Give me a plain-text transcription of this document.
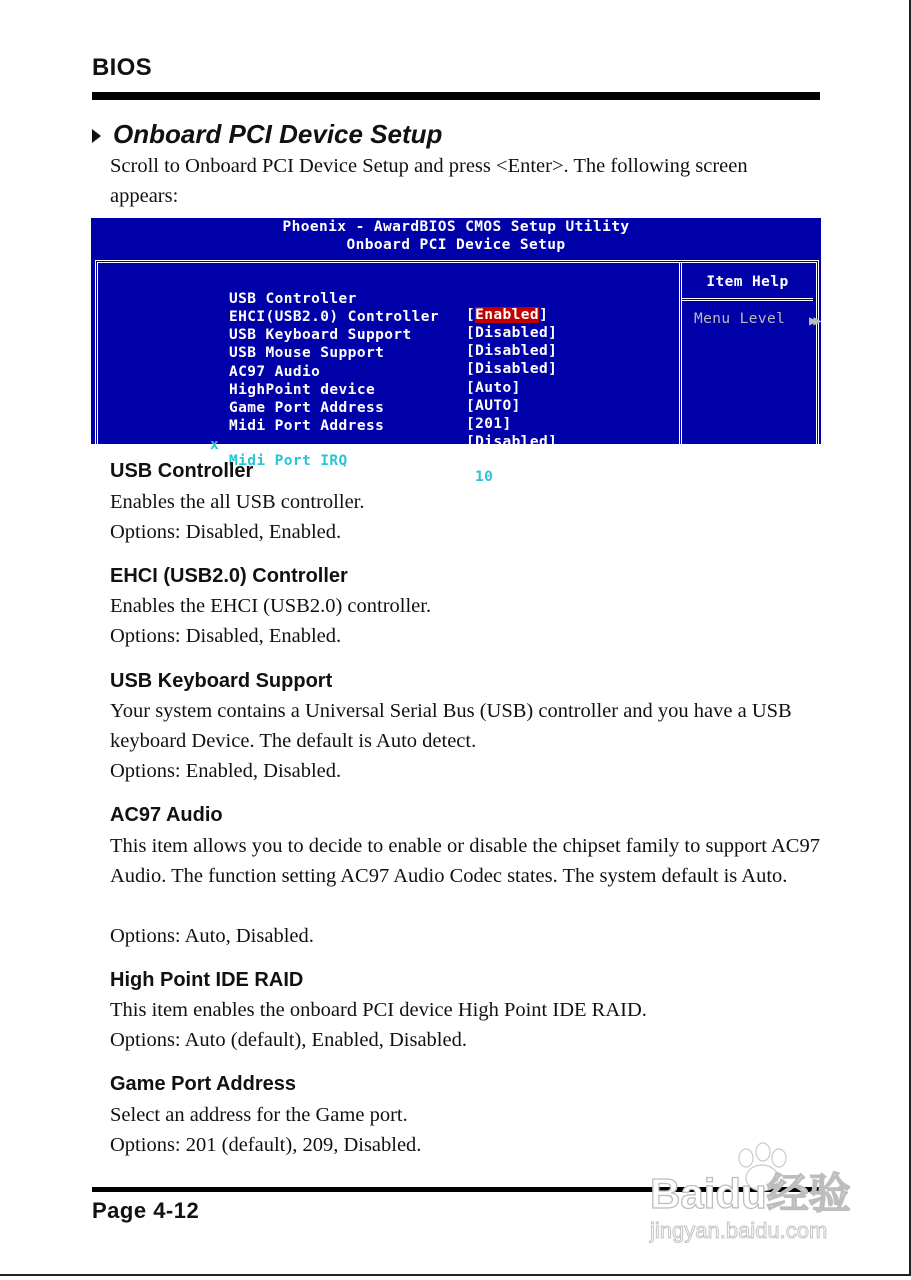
BIOS
Onboard PCI Device Setup

Scroll to Onboard PCI Device Setup and press <Enter>. The following screen appears:

Phoenix - AwardBIOS CMOS Setup Utility
Onboard PCI Device Setup
Item Help
Menu Level ▶▶

USB Controller

[Enabled]

EHCI(USB2.0) Controller

[Disabled]

USB Keyboard Support

[Disabled]

USB Mouse Support

[Disabled]

AC97 Audio

[Auto]

HighPoint device

[AUTO]

Game Port Address

[201]

Midi Port Address

[Disabled]

x

Midi Port IRQ

10

USB Controller

Enables the all USB controller.

Options: Disabled, Enabled.

EHCI (USB2.0) Controller

Enables the EHCI (USB2.0) controller.

Options: Disabled, Enabled.

USB Keyboard Support

Your system contains a Universal Serial Bus (USB) controller and you have a USB keyboard Device. The default is Auto detect.

Options: Enabled, Disabled.

AC97 Audio

This item allows you to decide to enable or disable the chipset family to support AC97 Audio. The function setting AC97 Audio Codec states. The system default is Auto.

Options: Auto, Disabled.

High Point IDE RAID

This item enables the onboard PCI device High Point IDE RAID.

Options: Auto (default), Enabled, Disabled.

Game Port Address

Select an address for the Game port.

Options: 201 (default), 209, Disabled.

Page 4-12	Baidu经验
jingyan.baidu.com
